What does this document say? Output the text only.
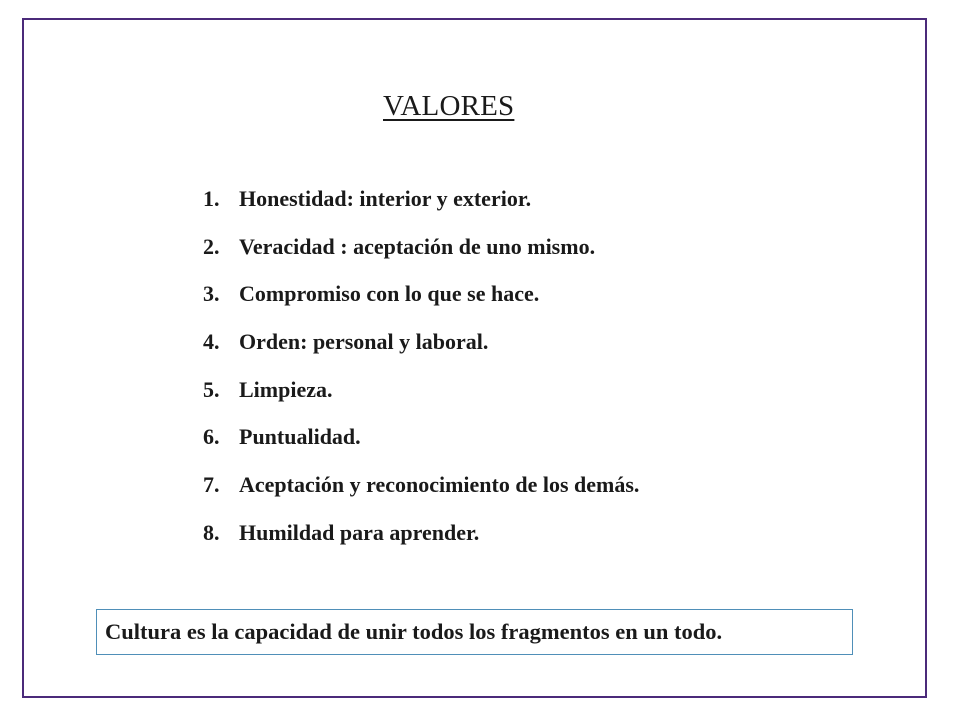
VALORES
1. Honestidad: interior y exterior.
2. Veracidad : aceptación de uno mismo.
3. Compromiso con lo que se hace.
4. Orden: personal y laboral.
5. Limpieza.
6. Puntualidad.
7. Aceptación y reconocimiento de los demás.
8. Humildad para aprender.
Cultura es la capacidad de unir todos los fragmentos en un todo.
